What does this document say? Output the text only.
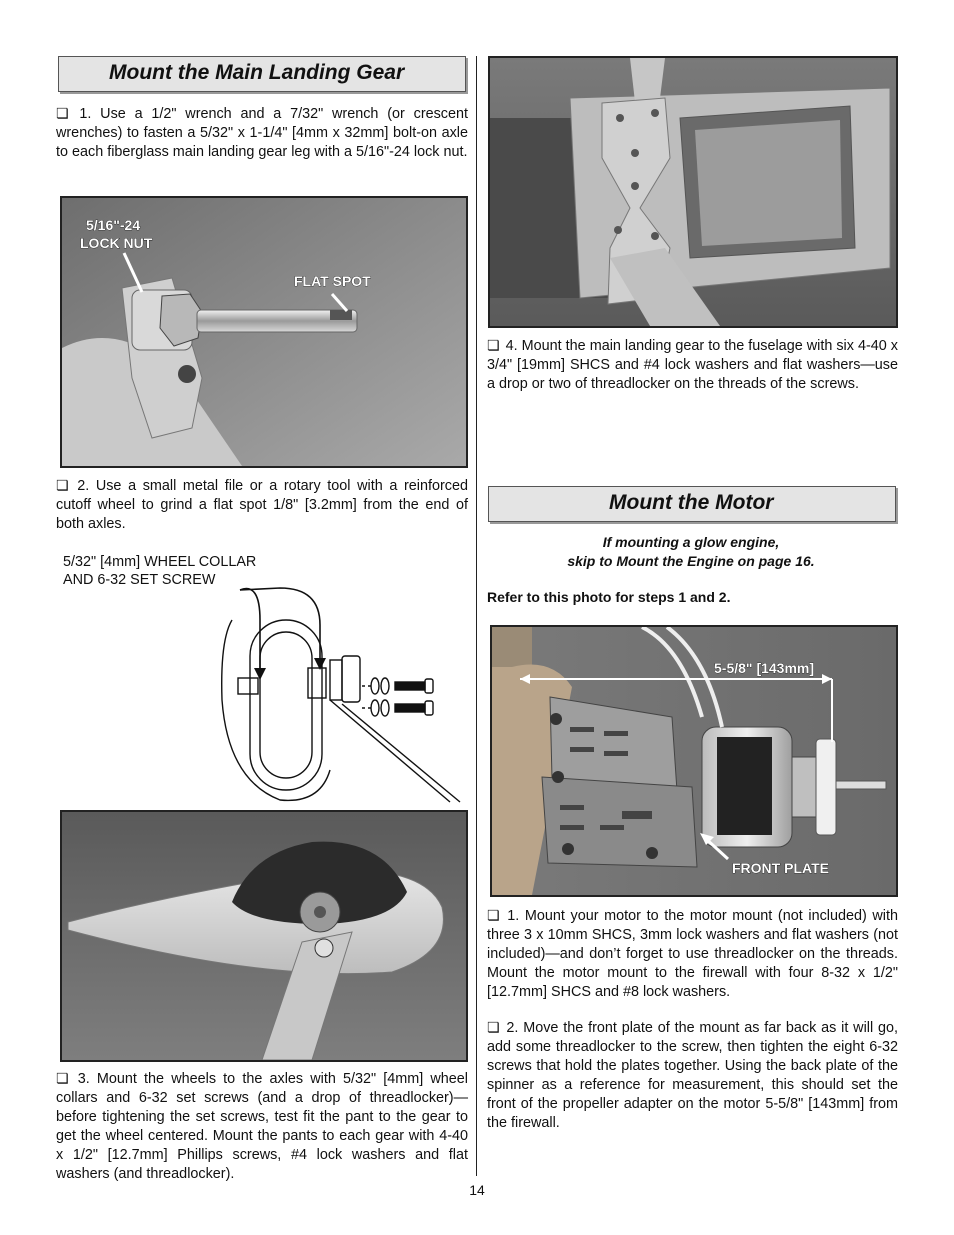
Mount the Main Landing Gear
❏ 1. Use a 1/2" wrench and a 7/32" wrench (or crescent wrenches) to fasten a 5/32" x 1-1/4" [4mm x 32mm] bolt-on axle to each fiberglass main landing gear leg with a 5/16"-24 lock nut.
5/16"-24
LOCK NUT
FLAT SPOT
❏ 2. Use a small metal file or a rotary tool with a reinforced cutoff wheel to grind a flat spot 1/8" [3.2mm] from the end of both axles.
5/32" [4mm] WHEEL COLLAR
AND 6-32 SET SCREW
❏ 3. Mount the wheels to the axles with 5/32" [4mm] wheel collars and 6-32 set screws (and a drop of threadlocker)— before tightening the set screws, test fit the pant to the gear to get the wheel centered. Mount the pants to each gear with 4-40 x 1/2" [12.7mm] Phillips screws, #4 lock washers and flat washers (and threadlocker).
❏ 4. Mount the main landing gear to the fuselage with six 4-40 x 3/4" [19mm] SHCS and #4 lock washers and flat washers—use a drop or two of threadlocker on the threads of the screws.
Mount the Motor
If mounting a glow engine,
skip to Mount the Engine on page 16.
Refer to this photo for steps 1 and 2.
5-5/8" [143mm]
FRONT PLATE
❏ 1. Mount your motor to the motor mount (not included) with three 3 x 10mm SHCS, 3mm lock washers and flat washers (not included)—and don’t forget to use threadlocker on the threads. Mount the motor mount to the firewall with four 8-32 x 1/2" [12.7mm] SHCS and #8 lock washers.
❏ 2. Move the front plate of the mount as far back as it will go, add some threadlocker to the screw, then tighten the eight 6-32 screws that hold the plates together. Using the back plate of the spinner as a reference for measurement, this should set the front of the propeller adapter on the motor 5-5/8" [143mm] from the firewall.
14
